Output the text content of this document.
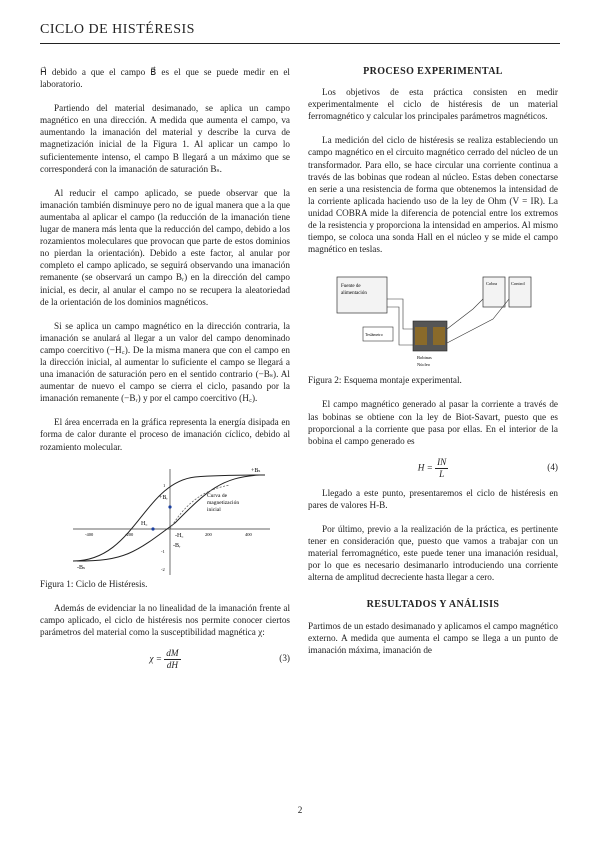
CICLO DE HISTÉRESIS

H⃗ debido a que el campo B⃗ es el que se puede medir en el laboratorio.

Partiendo del material desimanado, se aplica un campo magnético en una dirección. A medida que aumenta el campo, va aumentando la imanación del material y describe la curva de magnetización inicial de la Figura 1. Al aplicar un campo lo suficientemente intenso, el campo B llegará a un máximo que se corresponderá con la imanación de saturación Bₛ.

Al reducir el campo aplicado, se puede observar que la imanación también disminuye pero no de igual manera que a la que aumentaba al aplicar el campo (la reducción de la imanación tiene lugar de manera más lenta que la reducción del campo, debido a los rozamientos moleculares que provocan que parte de estos dominios no pierdan la orientación). Debido a este factor, al anular por completo el campo aplicado, se seguirá observando una imanación remanente (se observará un campo Bᵣ) en la dirección del campo inicial, es decir, al anular el campo no se recupera la aleatoriedad de la orientación de los dominios magnéticos.

Si se aplica un campo magnético en la dirección contraria, la imanación se anulará al llegar a un valor del campo denominado campo coercitivo (−H꜀). De la misma manera que con el campo en la dirección inicial, al aumentar lo suficiente el campo se llegará a una imanación de saturación pero en el sentido contrario (−Bₛ). Al aumentar de nuevo el campo se cierra el ciclo, pasando por la imanación remanente (−Bᵣ) y por el campo coercitivo (H꜀).

El área encerrada en la gráfica representa la energía disipada en forma de calor durante el proceso de imanación cíclico, debido al rozamiento molecular.

+Bₛ
-Bₛ
+Bᵣ
-Bᵣ
H꜀
-H꜀
Curva de
magnetización
inicial
-400	-200	200	400
1
-1
-2

Figura 1: Ciclo de Histéresis.

Además de evidenciar la no linealidad de la imanación frente al campo aplicado, el ciclo de histéresis nos permite conocer ciertos parámetros del material como la susceptibilidad magnética χ:

$\chi = \frac{dM}{dH}$	(3)
PROCESO EXPERIMENTAL

Los objetivos de esta práctica consisten en medir experimentalmente el ciclo de histéresis de un material ferromagnético y calcular los principales parámetros magnéticos.

La medición del ciclo de histéresis se realiza estableciendo un campo magnético en el circuito magnético cerrado del núcleo de un transformador. Para ello, se hace circular una corriente continua a través de las bobinas que rodean al núcleo. Estas deben conectarse en serie a una resistencia de forma que obtenemos la intensidad de la corriente aplicada haciendo uso de la ley de Ohm (V = IR). La unidad COBRA mide la diferencia de potencial entre los extremos de la resistencia y proporciona la intensidad en amperios. Al mismo tiempo, se coloca una sonda Hall en el núcleo y se mide el campo magnético en teslas.

Fuente de
alimentación
Cobra	Control
Teslámetro
Bobinas
Núcleo

Figura 2: Esquema montaje experimental.

El campo magnético generado al pasar la corriente a través de las bobinas se obtiene con la ley de Biot-Savart, puesto que es proporcional a la corriente que pasa por ellas. En el interior de la bobina el campo generado es

$H = \frac{IN}{L}$	(4)

Llegado a este punto, presentaremos el ciclo de histéresis en pares de valores H-B.

Por último, previo a la realización de la práctica, es pertinente tener en consideración que, puesto que vamos a trabajar con un material ferromagnético, este puede tener una imanación residual, por lo que es necesario desimanarlo introduciendo una corriente alterna de amplitud decreciente hasta llegar a cero.

RESULTADOS Y ANÁLISIS

Partimos de un estado desimanado y aplicamos el campo magnético externo. A medida que aumenta el campo se llega a un punto de imanación máxima, imanación de

2
